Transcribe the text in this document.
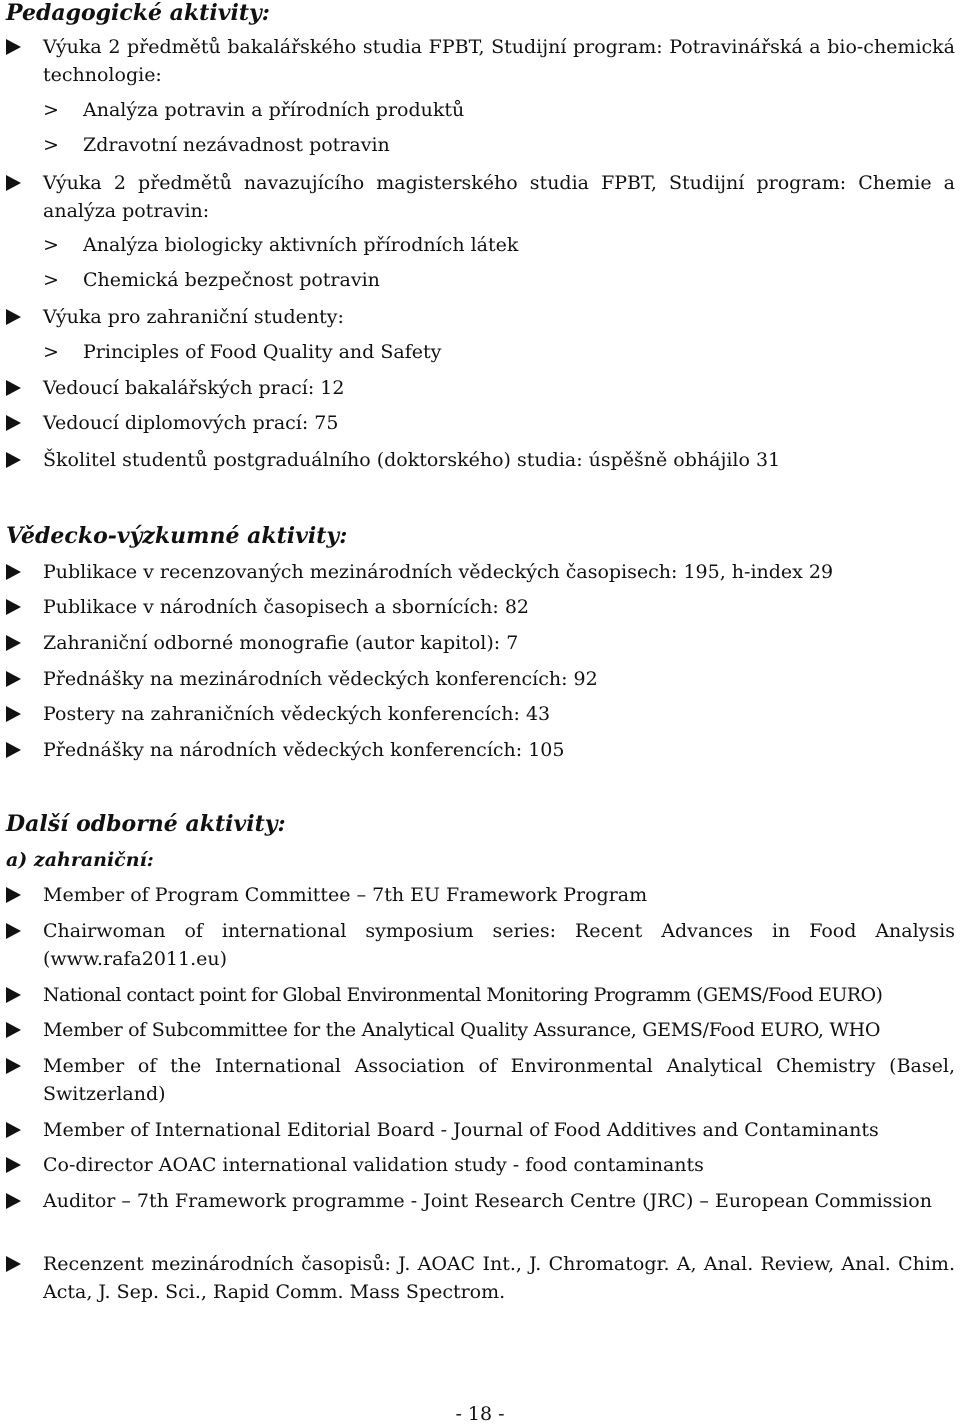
Pedagogické aktivity:
Výuka 2 předmětů bakalářského studia FPBT, Studijní program: Potravinářská a bio-chemická technologie:
> Analýza potravin a přírodních produktů
> Zdravotní nezávadnost potravin
Výuka 2 předmětů navazujícího magisterského studia FPBT, Studijní program: Chemie a analýza potravin:
> Analýza biologicky aktivních přírodních látek
> Chemická bezpečnost potravin
Výuka pro zahraniční studenty:
> Principles of Food Quality and Safety
Vedoucí bakalářských prací: 12
Vedoucí diplomových prací: 75
Školitel studentů postgraduálního (doktorského) studia: úspěšně obhájilo 31
Vědecko-výzkumné aktivity:
Publikace v recenzovaných mezinárodních vědeckých časopisech: 195, h-index 29
Publikace v národních časopisech a sbornících: 82
Zahraniční odborné monografie (autor kapitol): 7
Přednášky na mezinárodních vědeckých konferencích: 92
Postery na zahraničních vědeckých konferencích: 43
Přednášky na národních vědeckých konferencích: 105
Další odborné aktivity:
a) zahraniční:
Member of Program Committee – 7th EU Framework Program
Chairwoman of international symposium series: Recent Advances in Food Analysis (www.rafa2011.eu)
National contact point for Global Environmental Monitoring Programm (GEMS/Food EURO)
Member of Subcommittee for the Analytical Quality Assurance, GEMS/Food EURO, WHO
Member of the International Association of Environmental Analytical Chemistry (Basel, Switzerland)
Member of International Editorial Board - Journal of Food Additives and Contaminants
Co-director AOAC international validation study - food contaminants
Auditor – 7th Framework programme - Joint Research Centre (JRC) – European Commission
Recenzent mezinárodních časopisů: J. AOAC Int., J. Chromatogr. A, Anal. Review, Anal. Chim. Acta, J. Sep. Sci., Rapid Comm. Mass Spectrom.
- 18 -
